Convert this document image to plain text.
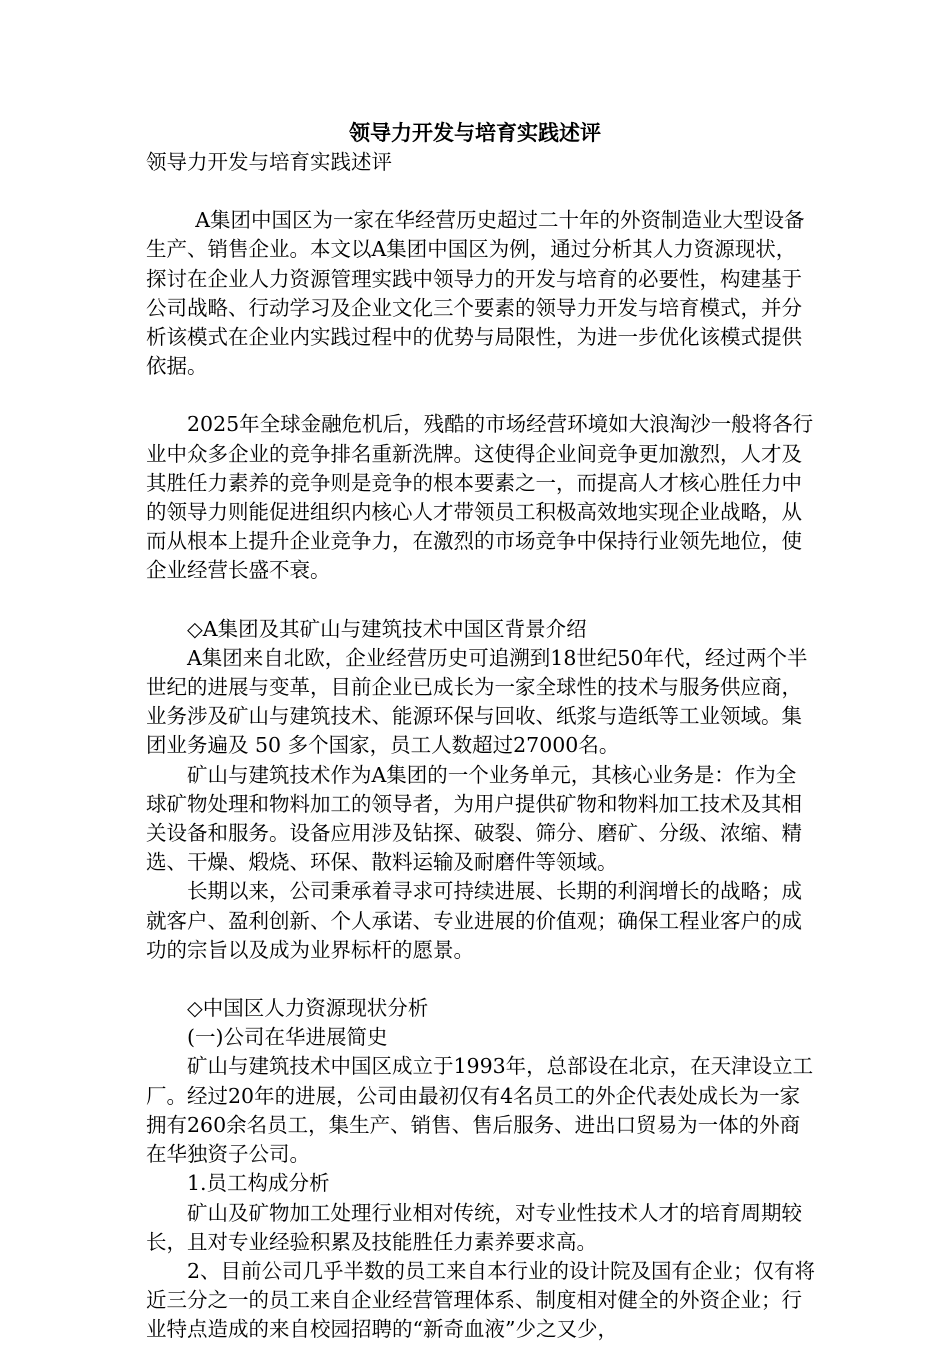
领导力开发与培育实践述评

领导力开发与培育实践述评

A集团中国区为一家在华经营历史超过二十年的外资制造业大型设备生产、销售企业。本文以A集团中国区为例，通过分析其人力资源现状，探讨在企业人力资源管理实践中领导力的开发与培育的必要性，构建基于公司战略、行动学习及企业文化三个要素的领导力开发与培育模式，并分析该模式在企业内实践过程中的优势与局限性，为进一步优化该模式提供依据。

2025年全球金融危机后，残酷的市场经营环境如大浪淘沙一般将各行业中众多企业的竞争排名重新洗牌。这使得企业间竞争更加激烈，人才及其胜任力素养的竞争则是竞争的根本要素之一，而提高人才核心胜任力中的领导力则能促进组织内核心人才带领员工积极高效地实现企业战略，从而从根本上提升企业竞争力，在激烈的市场竞争中保持行业领先地位，使企业经营长盛不衰。

◇A集团及其矿山与建筑技术中国区背景介绍

A集团来自北欧，企业经营历史可追溯到18世纪50年代，经过两个半世纪的进展与变革，目前企业已成长为一家全球性的技术与服务供应商，业务涉及矿山与建筑技术、能源环保与回收、纸浆与造纸等工业领域。集团业务遍及 50 多个国家，员工人数超过27000名。

矿山与建筑技术作为A集团的一个业务单元，其核心业务是：作为全球矿物处理和物料加工的领导者，为用户提供矿物和物料加工技术及其相关设备和服务。设备应用涉及钻探、破裂、筛分、磨矿、分级、浓缩、精选、干燥、煅烧、环保、散料运输及耐磨件等领域。

长期以来，公司秉承着寻求可持续进展、长期的利润增长的战略；成就客户、盈利创新、个人承诺、专业进展的价值观；确保工程业客户的成功的宗旨以及成为业界标杆的愿景。

◇中国区人力资源现状分析

(一)公司在华进展简史

矿山与建筑技术中国区成立于1993年，总部设在北京，在天津设立工厂。经过20年的进展，公司由最初仅有4名员工的外企代表处成长为一家拥有260余名员工，集生产、销售、售后服务、进出口贸易为一体的外商在华独资子公司。

1.员工构成分析

矿山及矿物加工处理行业相对传统，对专业性技术人才的培育周期较长，且对专业经验积累及技能胜任力素养要求高。

2、目前公司几乎半数的员工来自本行业的设计院及国有企业；仅有将近三分之一的员工来自企业经营管理体系、制度相对健全的外资企业；行业特点造成的来自校园招聘的“新奇血液”少之又少，
